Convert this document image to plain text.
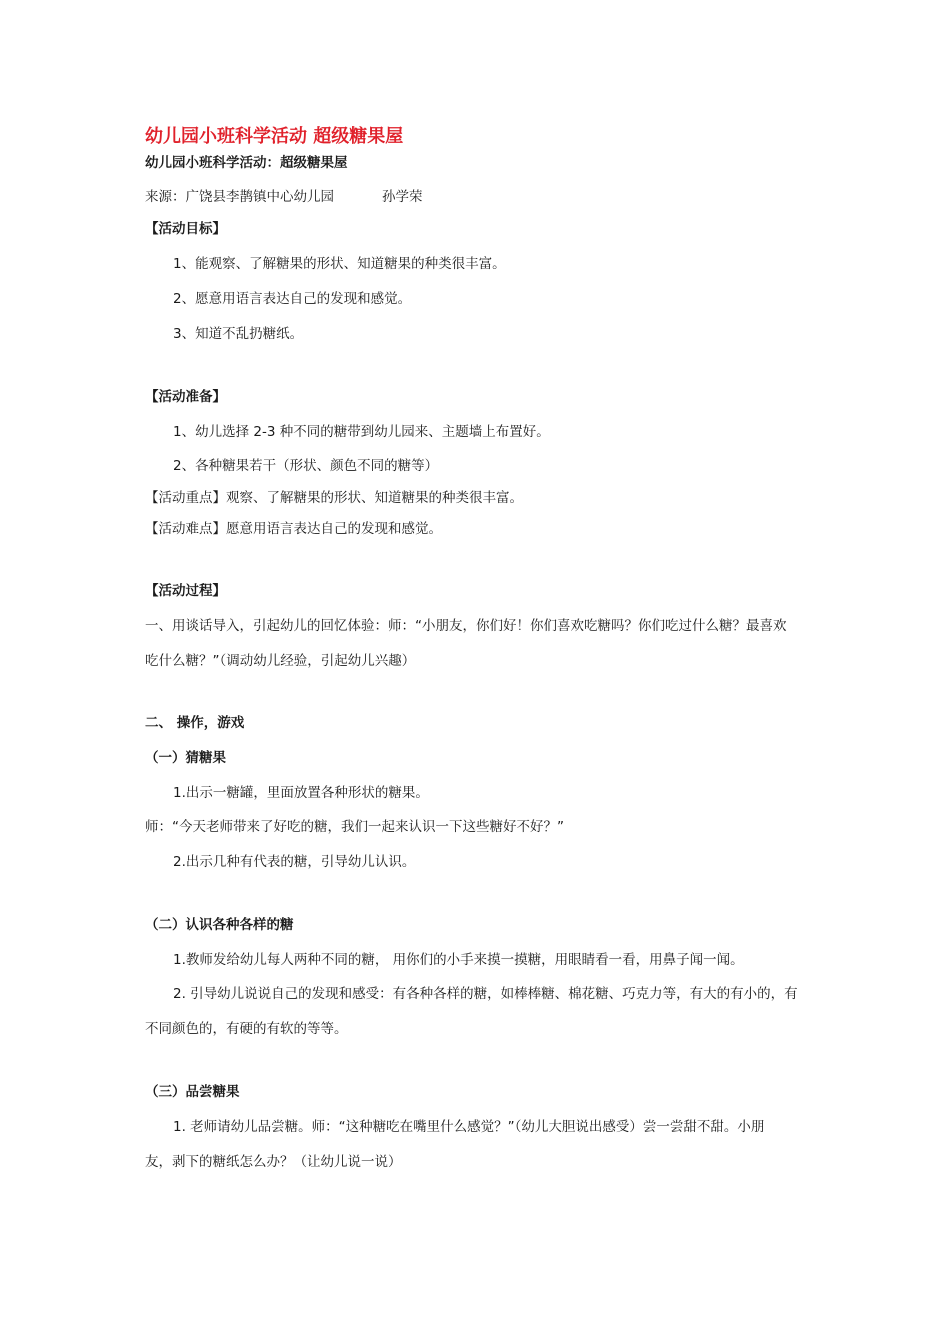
幼儿园小班科学活动 超级糖果屋
幼儿园小班科学活动：超级糖果屋
来源：广饶县李鹊镇中心幼儿园	孙学荣
【活动目标】
1、能观察、了解糖果的形状、知道糖果的种类很丰富。
2、愿意用语言表达自己的发现和感觉。
3、知道不乱扔糖纸。
【活动准备】
1、幼儿选择 2-3 种不同的糖带到幼儿园来、主题墙上布置好。
2、各种糖果若干（形状、颜色不同的糖等）
【活动重点】观察、了解糖果的形状、知道糖果的种类很丰富。
【活动难点】愿意用语言表达自己的发现和感觉。
【活动过程】
一、用谈话导入，引起幼儿的回忆体验：师：“小朋友，你们好！你们喜欢吃糖吗？你们吃过什么糖？最喜欢
吃什么糖？”（调动幼儿经验，引起幼儿兴趣）
二、 操作，游戏
（一）猜糖果
1.出示一糖罐，里面放置各种形状的糖果。
师：“今天老师带来了好吃的糖，我们一起来认识一下这些糖好不好？”
2.出示几种有代表的糖，引导幼儿认识。
（二）认识各种各样的糖
1.教师发给幼儿每人两种不同的糖， 用你们的小手来摸一摸糖，用眼睛看一看，用鼻子闻一闻。
2. 引导幼儿说说自己的发现和感受：有各种各样的糖，如棒棒糖、棉花糖、巧克力等，有大的有小的，有
不同颜色的，有硬的有软的等等。
（三）品尝糖果
1. 老师请幼儿品尝糖。师：“这种糖吃在嘴里什么感觉？”（幼儿大胆说出感受）尝一尝甜不甜。小朋
友，剥下的糖纸怎么办？（让幼儿说一说）
